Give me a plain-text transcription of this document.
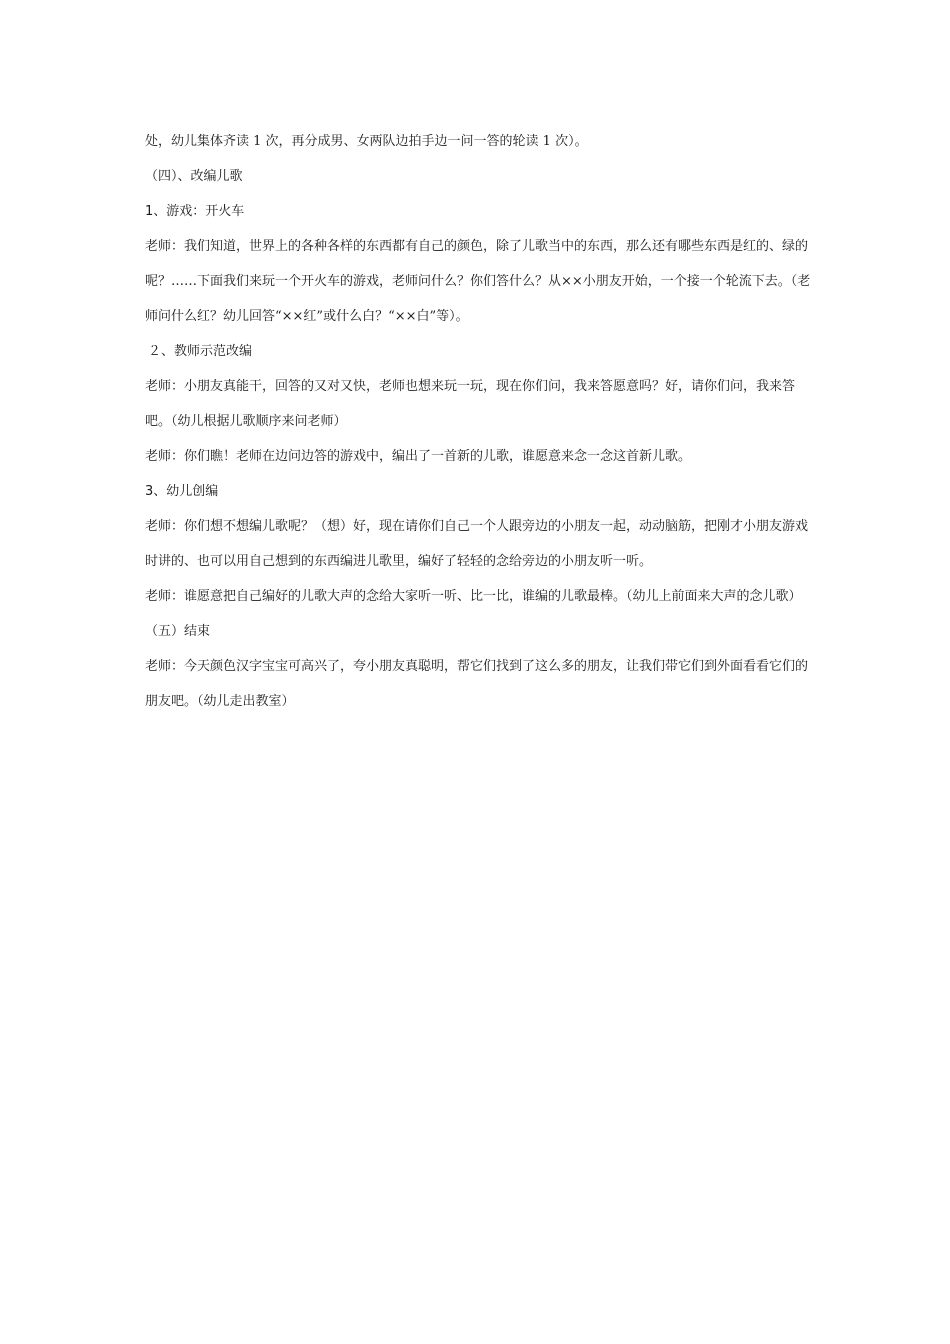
处，幼儿集体齐读 1 次，再分成男、女两队边拍手边一问一答的轮读 1 次）。

（四）、改编儿歌

1、游戏：开火车

老师：我们知道，世界上的各种各样的东西都有自己的颜色，除了儿歌当中的东西，那么还有哪些东西是红的、绿的呢？……下面我们来玩一个开火车的游戏，老师问什么？你们答什么？从××小朋友开始，一个接一个轮流下去。（老师问什么红？幼儿回答“××红”或什么白？“××白”等）。

２、教师示范改编

老师：小朋友真能干，回答的又对又快，老师也想来玩一玩，现在你们问，我来答愿意吗？好，请你们问，我来答吧。（幼儿根据儿歌顺序来问老师）

老师：你们瞧！老师在边问边答的游戏中，编出了一首新的儿歌，谁愿意来念一念这首新儿歌。

3、幼儿创编

老师：你们想不想编儿歌呢？（想）好，现在请你们自己一个人跟旁边的小朋友一起，动动脑筋，把刚才小朋友游戏时讲的、也可以用自己想到的东西编进儿歌里，编好了轻轻的念给旁边的小朋友听一听。

老师：谁愿意把自己编好的儿歌大声的念给大家听一听、比一比，谁编的儿歌最棒。（幼儿上前面来大声的念儿歌）

（五）结束

老师：今天颜色汉字宝宝可高兴了，夸小朋友真聪明，帮它们找到了这么多的朋友，让我们带它们到外面看看它们的朋友吧。（幼儿走出教室）
